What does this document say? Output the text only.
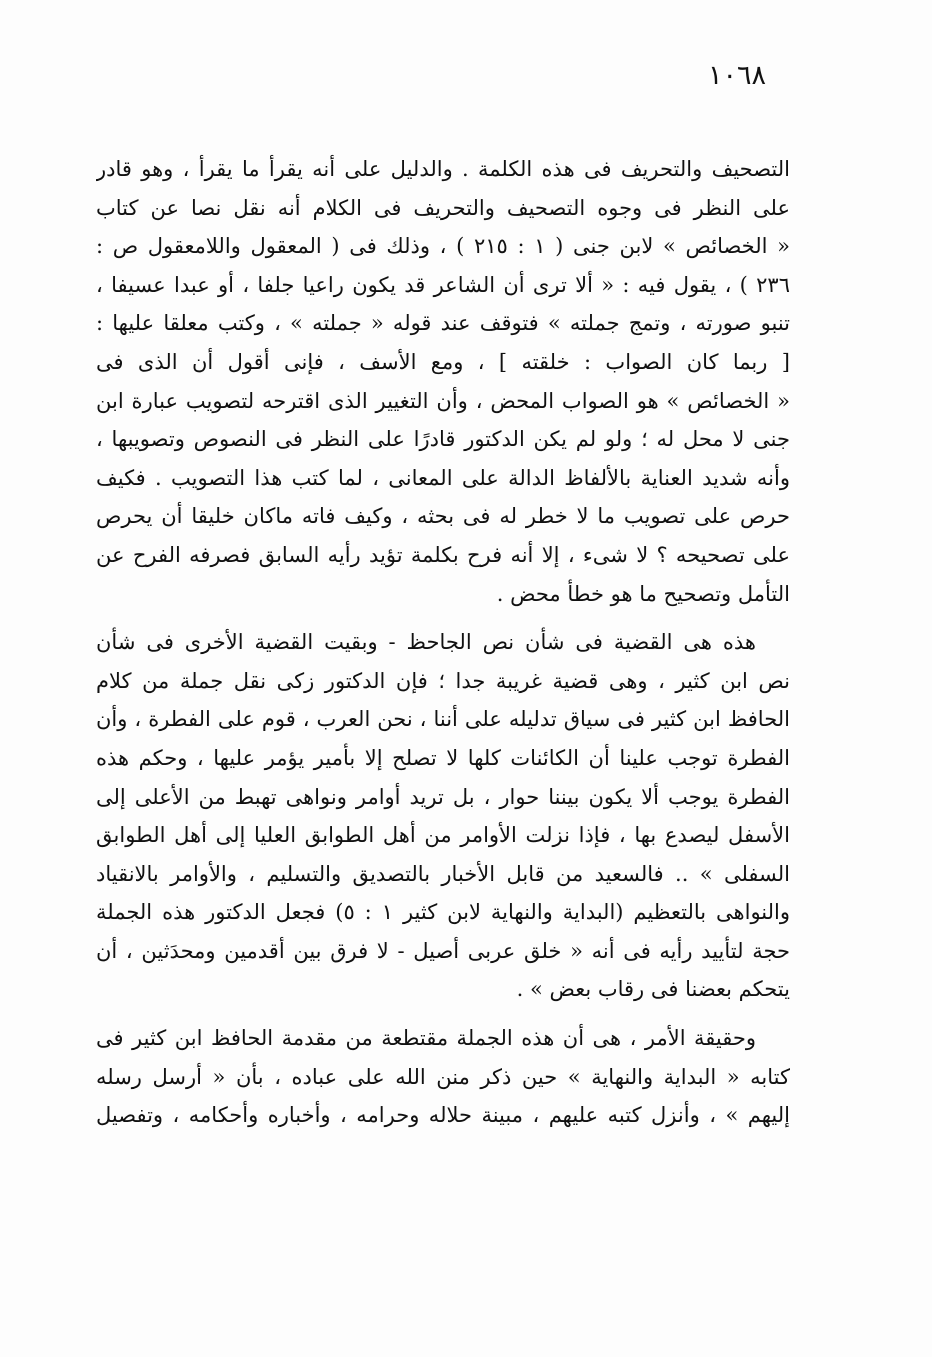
١٠٦٨
التصحيف والتحريف فى هذه الكلمة . والدليل على أنه يقرأ ما يقرأ ، وهو قادر
على النظر فى وجوه التصحيف والتحريف فى الكلام أنه نقل نصا عن كتاب
« الخصائص » لابن جنى ( ١ : ٢١٥ ) ، وذلك فى ( المعقول واللامعقول ص :
٢٣٦ ) ، يقول فيه : « ألا ترى أن الشاعر قد يكون راعيا جلفا ، أو عبدا عسيفا ،
تنبو صورته ، وتمج جملته » فتوقف عند قوله « جملته » ، وكتب معلقا عليها :
[ ربما كان الصواب : خلقته ] ، ومع الأسف ، فإنى أقول أن الذى فى
« الخصائص » هو الصواب المحض ، وأن التغيير الذى اقترحه لتصويب عبارة ابن
جنى لا محل له ؛ ولو لم يكن الدكتور قادرًا على النظر فى النصوص وتصويبها ،
وأنه شديد العناية بالألفاظ الدالة على المعانى ، لما كتب هذا التصويب . فكيف
حرص على تصويب ما لا خطر له فى بحثه ، وكيف فاته ماكان خليقا أن يحرص
على تصحيحه ؟ لا شىء ، إلا أنه فرح بكلمة تؤيد رأيه السابق فصرفه الفرح عن
التأمل وتصحيح ما هو خطأ محض .
هذه هى القضية فى شأن نص الجاحظ - وبقيت القضية الأخرى فى شأن
نص ابن كثير ، وهى قضية غريبة جدا ؛ فإن الدكتور زكى نقل جملة من كلام
الحافظ ابن كثير فى سياق تدليله على أننا ، نحن العرب ، قوم على الفطرة ، وأن
الفطرة توجب علينا أن الكائنات كلها لا تصلح إلا بأمير يؤمر عليها ، وحكم هذه
الفطرة يوجب ألا يكون بيننا حوار ، بل تريد أوامر ونواهى تهبط من الأعلى إلى
الأسفل ليصدع بها ، فإذا نزلت الأوامر من أهل الطوابق العليا إلى أهل الطوابق
السفلى » .. فالسعيد من قابل الأخبار بالتصديق والتسليم ، والأوامر بالانقياد
والنواهى بالتعظيم (البداية والنهاية لابن كثير ١ : ٥) فجعل الدكتور هذه الجملة
حجة لتأييد رأيه فى أنه « خلق عربى أصيل - لا فرق بين أقدمين ومحدَثين ، أن
يتحكم بعضنا فى رقاب بعض » .
وحقيقة الأمر ، هى أن هذه الجملة مقتطعة من مقدمة الحافظ ابن كثير فى
كتابه « البداية والنهاية » حين ذكر منن الله على عباده ، بأن « أرسل رسله
إليهم » ، وأنزل كتبه عليهم ، مبينة حلاله وحرامه ، وأخباره وأحكامه ، وتفصيل
